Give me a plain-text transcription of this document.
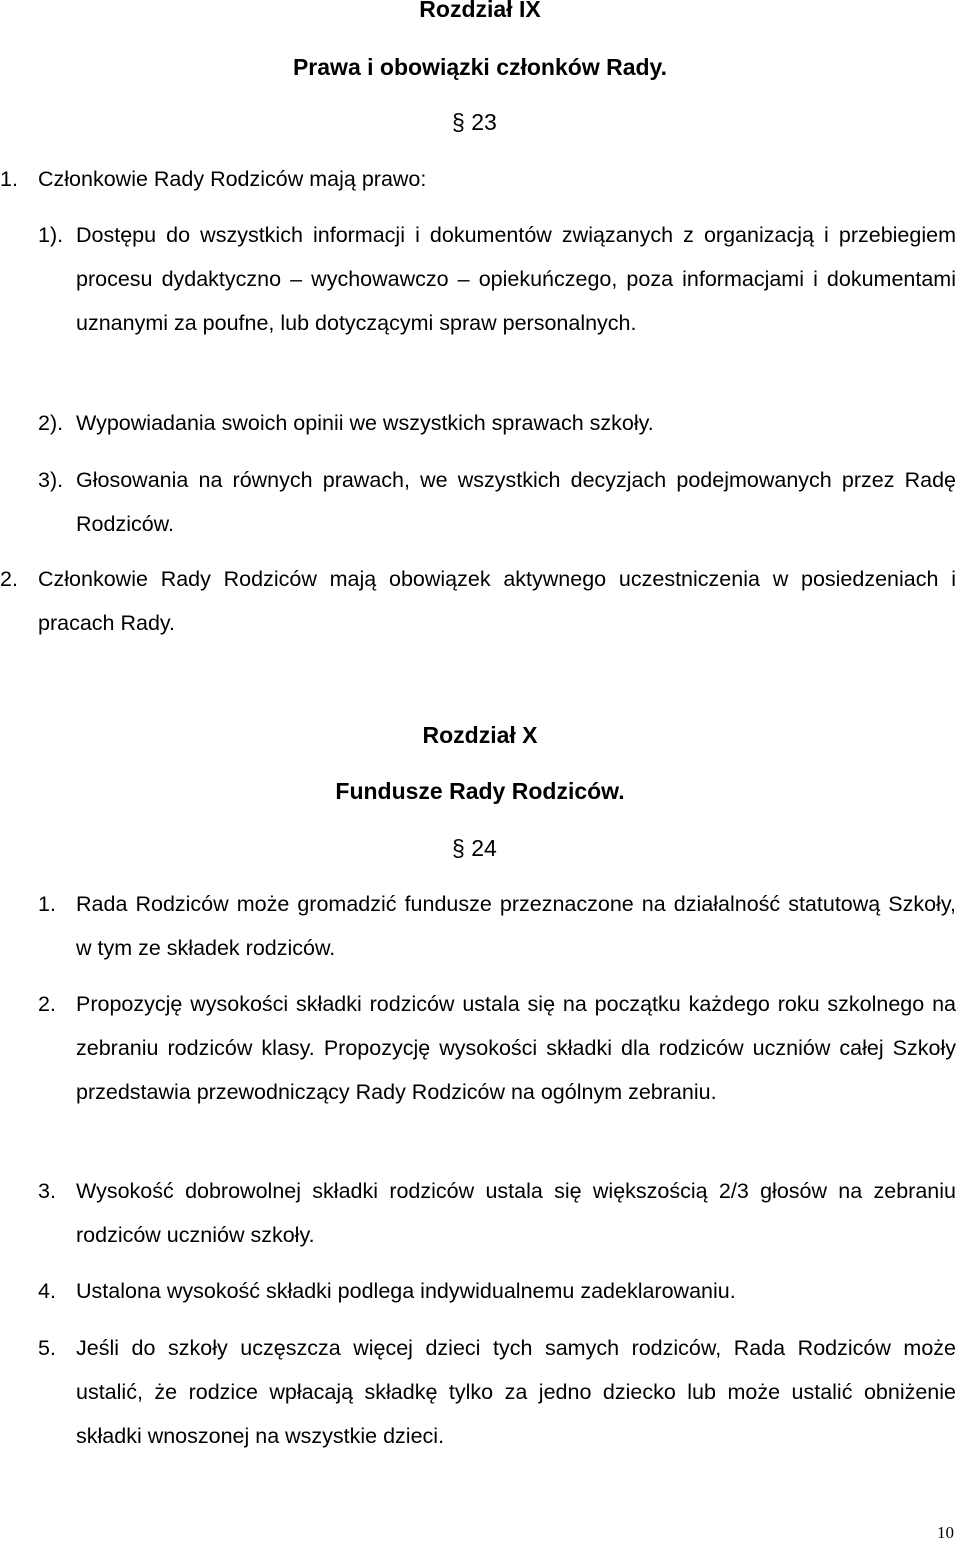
Rozdział IX
Prawa i obowiązki członków Rady.
§ 23
1. Członkowie Rady Rodziców mają prawo:
1). Dostępu do wszystkich informacji i dokumentów związanych z organizacją i przebiegiem procesu dydaktyczno – wychowawczo – opiekuńczego, poza informacjami i dokumentami uznanymi za poufne, lub dotyczącymi spraw personalnych.
2). Wypowiadania swoich opinii we wszystkich sprawach szkoły.
3). Głosowania na równych prawach, we wszystkich decyzjach podejmowanych przez Radę Rodziców.
2. Członkowie Rady Rodziców mają obowiązek aktywnego uczestniczenia w posiedzeniach i pracach Rady.
Rozdział X
Fundusze Rady Rodziców.
§ 24
1. Rada Rodziców może gromadzić fundusze przeznaczone na działalność statutową Szkoły, w tym ze składek rodziców.
2. Propozycję wysokości składki rodziców ustala się na początku każdego roku szkolnego na zebraniu rodziców klasy. Propozycję wysokości składki dla rodziców uczniów całej Szkoły przedstawia przewodniczący Rady Rodziców na ogólnym zebraniu.
3. Wysokość dobrowolnej składki rodziców ustala się większością 2/3 głosów na zebraniu rodziców uczniów szkoły.
4. Ustalona wysokość składki podlega indywidualnemu zadeklarowaniu.
5. Jeśli do szkoły uczęszcza więcej dzieci tych samych rodziców, Rada Rodziców może ustalić, że rodzice wpłacają składkę tylko za jedno dziecko lub może ustalić obniżenie składki wnoszonej na wszystkie dzieci.
10
